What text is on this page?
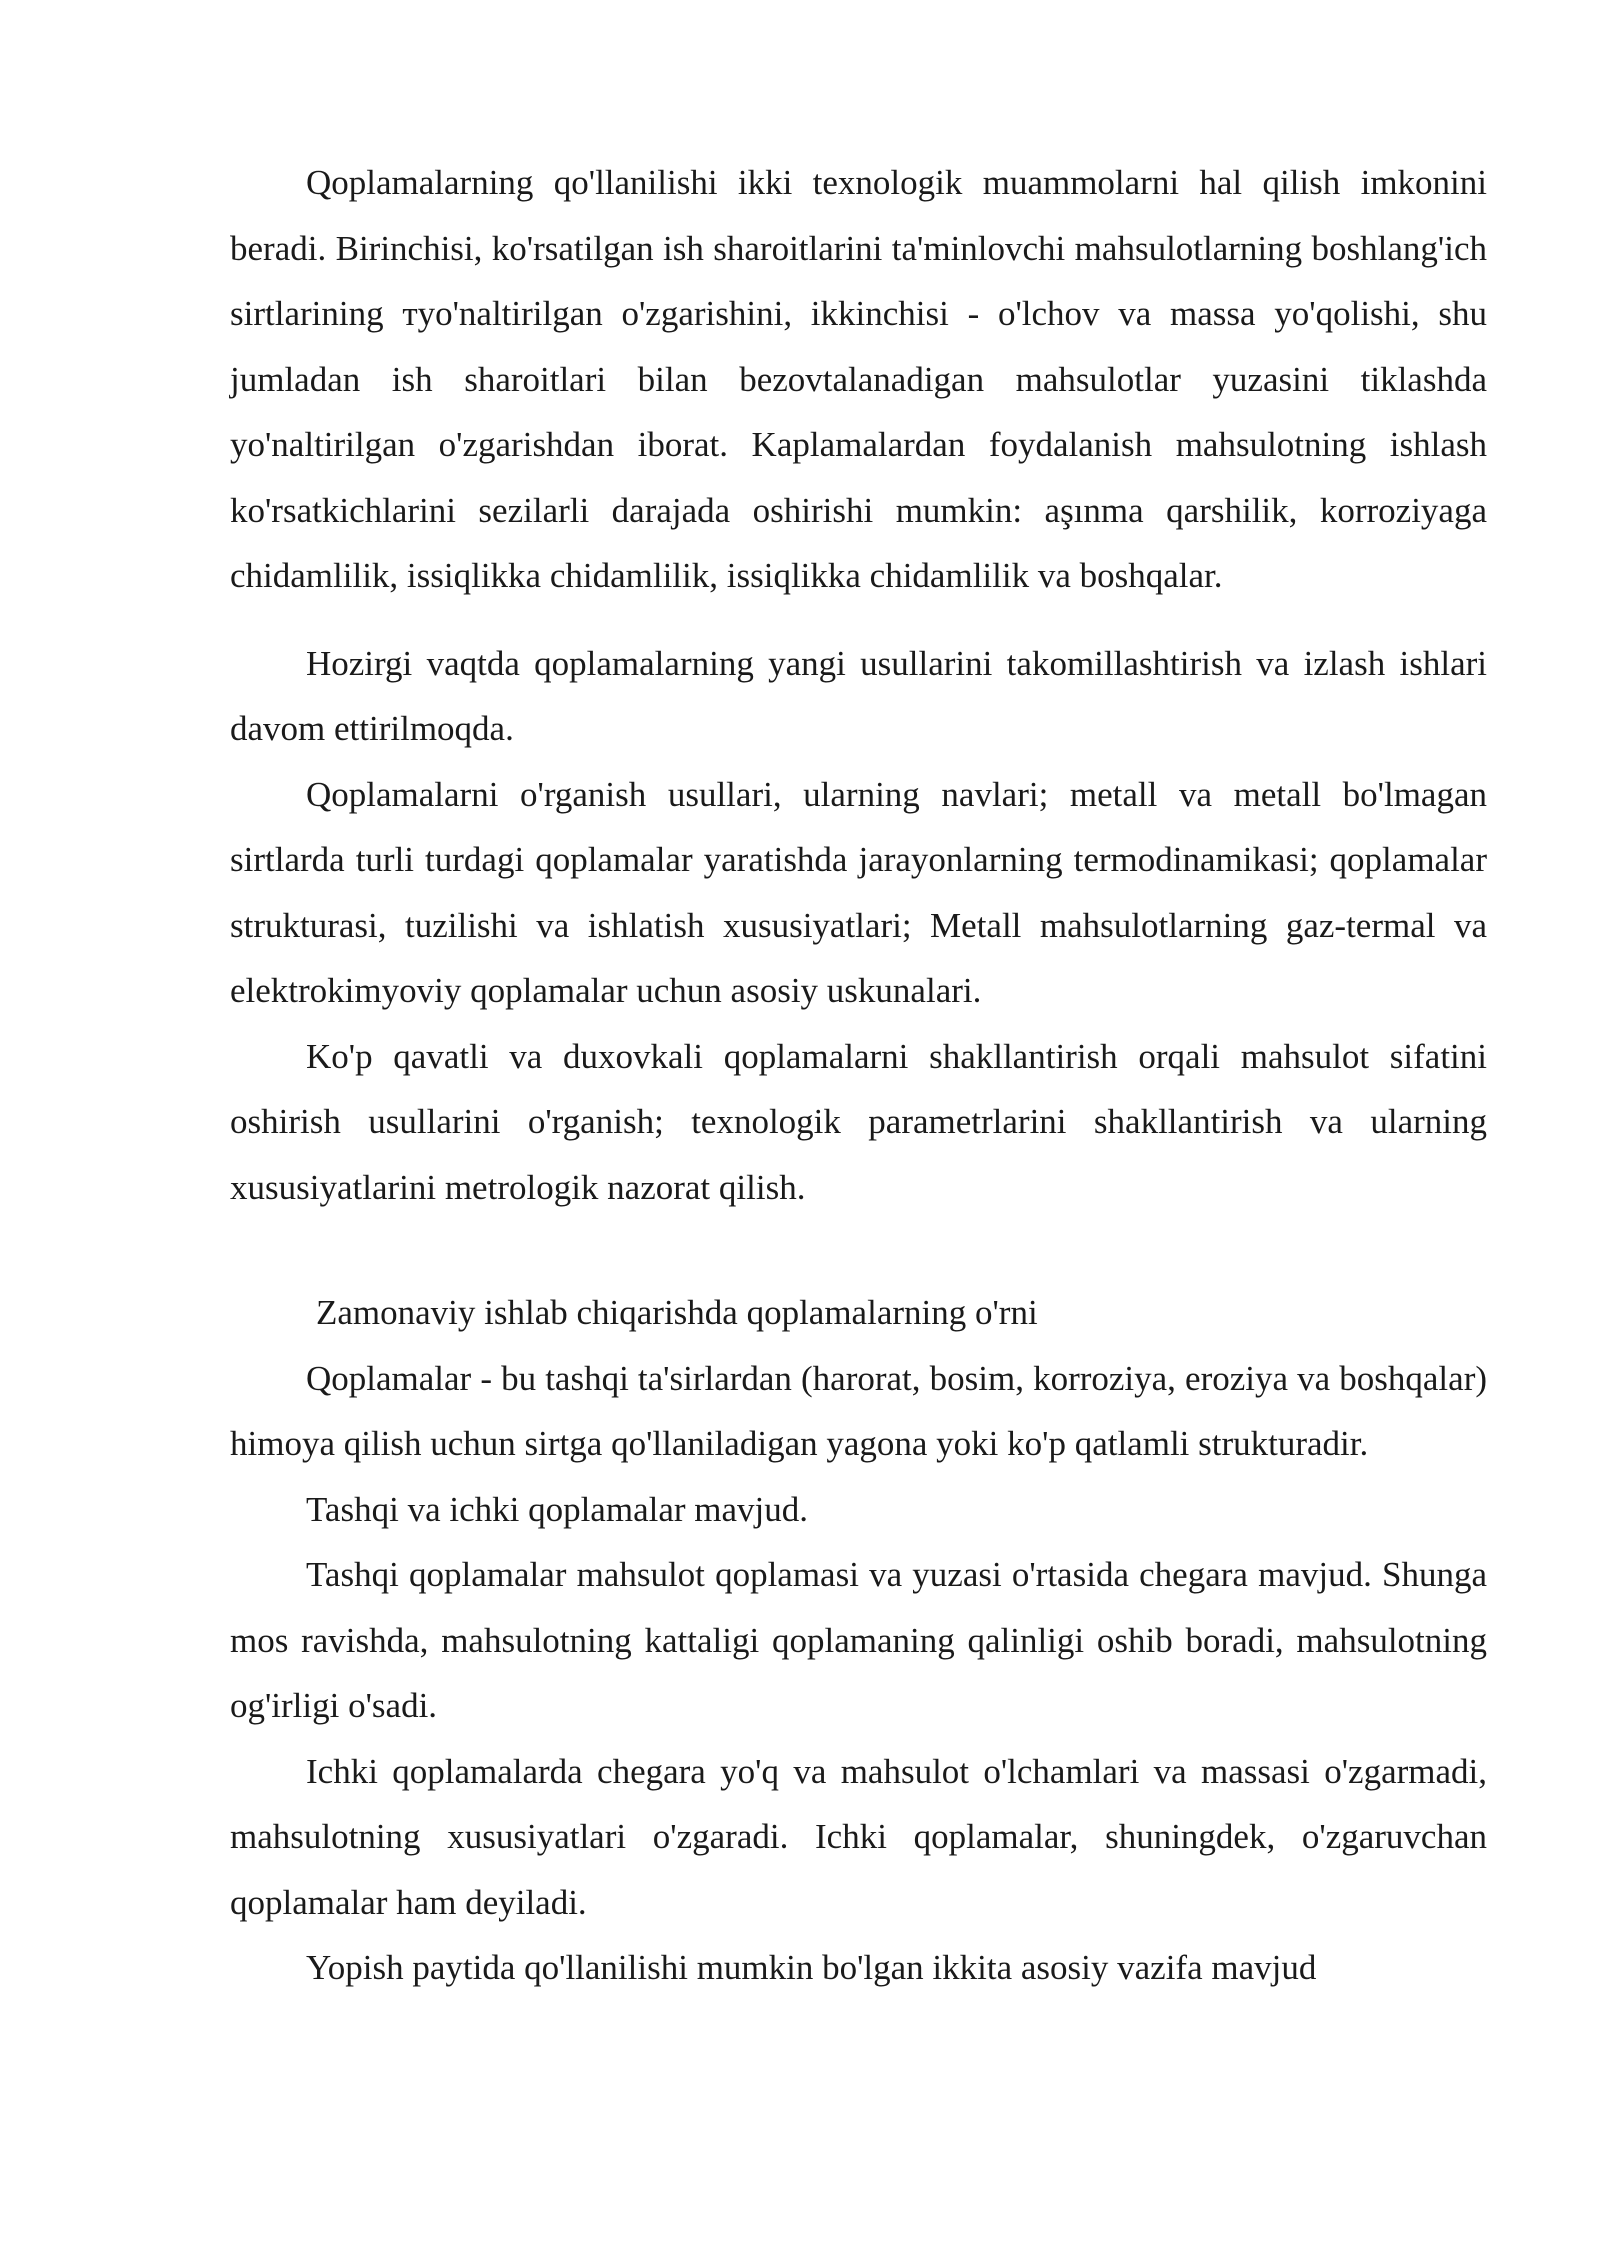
Qoplamalarning qo'llanilishi ikki texnologik muammolarni hal qilish imkonini beradi. Birinchisi, ko'rsatilgan ish sharoitlarini ta'minlovchi mahsulotlarning boshlang'ich sirtlarining тyo'naltirilgan o'zgarishini, ikkinchisi - o'lchov va massa yo'qolishi, shu jumladan ish sharoitlari bilan bezovtalanadigan mahsulotlar yuzasini tiklashda yo'naltirilgan o'zgarishdan iborat. Kaplamalardan foydalanish mahsulotning ishlash ko'rsatkichlarini sezilarli darajada oshirishi mumkin: aşınma qarshilik, korroziyaga chidamlilik, issiqlikka chidamlilik, issiqlikka chidamlilik va boshqalar.

Hozirgi vaqtda qoplamalarning yangi usullarini takomillashtirish va izlash ishlari davom ettirilmoqda.

Qoplamalarni o'rganish usullari, ularning navlari; metall va metall bo'lmagan sirtlarda turli turdagi qoplamalar yaratishda jarayonlarning termodinamikasi; qoplamalar strukturasi, tuzilishi va ishlatish xususiyatlari; Metall mahsulotlarning gaz-termal va elektrokimyoviy qoplamalar uchun asosiy uskunalari.

Ko'p qavatli va duxovkali qoplamalarni shakllantirish orqali mahsulot sifatini oshirish usullarini o'rganish; texnologik parametrlarini shakllantirish va ularning xususiyatlarini metrologik nazorat qilish.

Zamonaviy ishlab chiqarishda qoplamalarning o'rni

Qoplamalar - bu tashqi ta'sirlardan (harorat, bosim, korroziya, eroziya va boshqalar) himoya qilish uchun sirtga qo'llaniladigan yagona yoki ko'p qatlamli strukturadir.

Tashqi va ichki qoplamalar mavjud.

Tashqi qoplamalar mahsulot qoplamasi va yuzasi o'rtasida chegara mavjud. Shunga mos ravishda, mahsulotning kattaligi qoplamaning qalinligi oshib boradi, mahsulotning og'irligi o'sadi.

Ichki qoplamalarda chegara yo'q va mahsulot o'lchamlari va massasi o'zgarmadi, mahsulotning xususiyatlari o'zgaradi. Ichki qoplamalar, shuningdek, o'zgaruvchan qoplamalar ham deyiladi.

Yopish paytida qo'llanilishi mumkin bo'lgan ikkita asosiy vazifa mavjud
